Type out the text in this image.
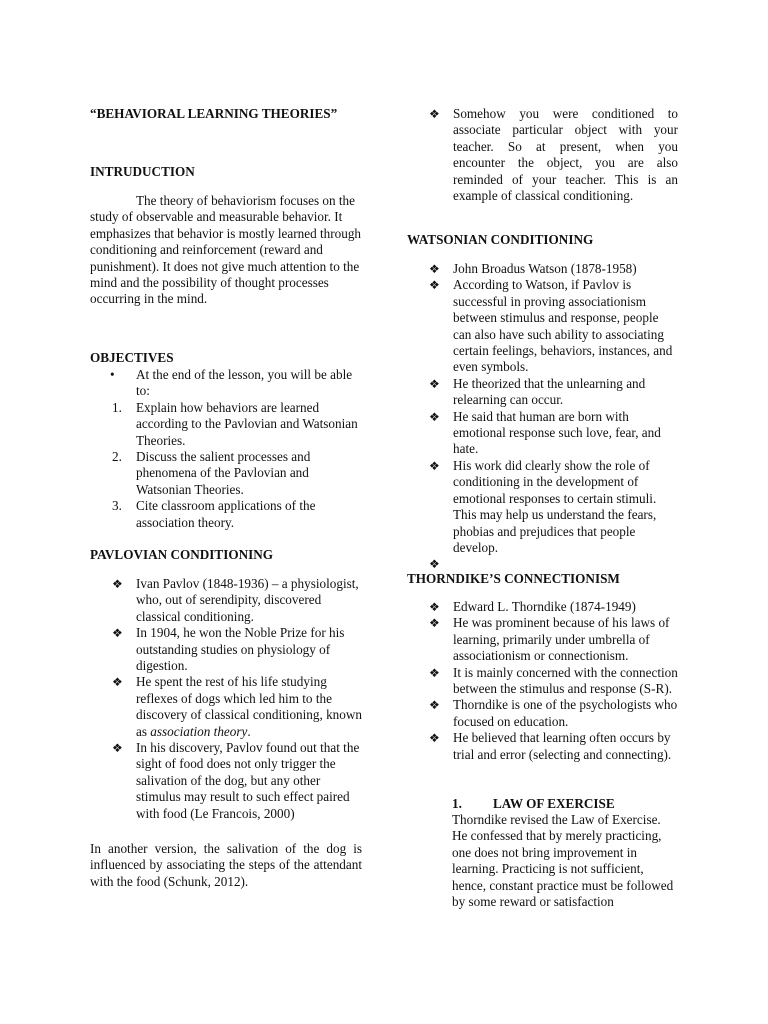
“BEHAVIORAL LEARNING THEORIES”
INTRUDUCTION

The theory of behaviorism focuses on the study of observable and measurable behavior. It emphasizes that behavior is mostly learned through conditioning and reinforcement (reward and punishment). It does not give much attention to the mind and the possibility of thought processes occurring in the mind.

OBJECTIVES
•	At the end of the lesson, you will be able to:
1.	Explain how behaviors are learned according to the Pavlovian and Watsonian Theories.
2.	Discuss the salient processes and phenomena of the Pavlovian and Watsonian Theories.
3.	Cite classroom applications of the association theory.
PAVLOVIAN CONDITIONING
❖	Ivan Pavlov (1848-1936) – a physiologist, who, out of serendipity, discovered classical conditioning.
❖	In 1904, he won the Noble Prize for his outstanding studies on physiology of digestion.
❖	He spent the rest of his life studying reflexes of dogs which led him to the discovery of classical conditioning, known as association theory.
❖	In his discovery, Pavlov found out that the sight of food does not only trigger the salivation of the dog, but any other stimulus may result to such effect paired with food (Le Francois, 2000)

In another version, the salivation of the dog is influenced by associating the steps of the attendant with the food (Schunk, 2012).

❖	Somehow you were conditioned to associate particular object with your teacher. So at present, when you encounter the object, you are also reminded of your teacher. This is an example of classical conditioning.
WATSONIAN CONDITIONING
❖	John Broadus Watson (1878-1958)
❖	According to Watson, if Pavlov is successful in proving associationism between stimulus and response, people can also have such ability to associating certain feelings, behaviors, instances, and even symbols.
❖	He theorized that the unlearning and relearning can occur.
❖	He said that human are born with emotional response such love, fear, and hate.
❖	His work did clearly show the role of conditioning in the development of emotional responses to certain stimuli. This may help us understand the fears, phobias and prejudices that people develop.
❖
THORNDIKE’S CONNECTIONISM
❖	Edward L. Thorndike (1874-1949)
❖	He was prominent because of his laws of learning, primarily under umbrella of associationism or connectionism.
❖	It is mainly concerned with the connection between the stimulus and response (S-R).
❖	Thorndike is one of the psychologists who focused on education.
❖	He believed that learning often occurs by trial and error (selecting and connecting).
1. LAW OF EXERCISE

Thorndike revised the Law of Exercise. He confessed that by merely practicing, one does not bring improvement in learning. Practicing is not sufficient, hence, constant practice must be followed by some reward or satisfaction
